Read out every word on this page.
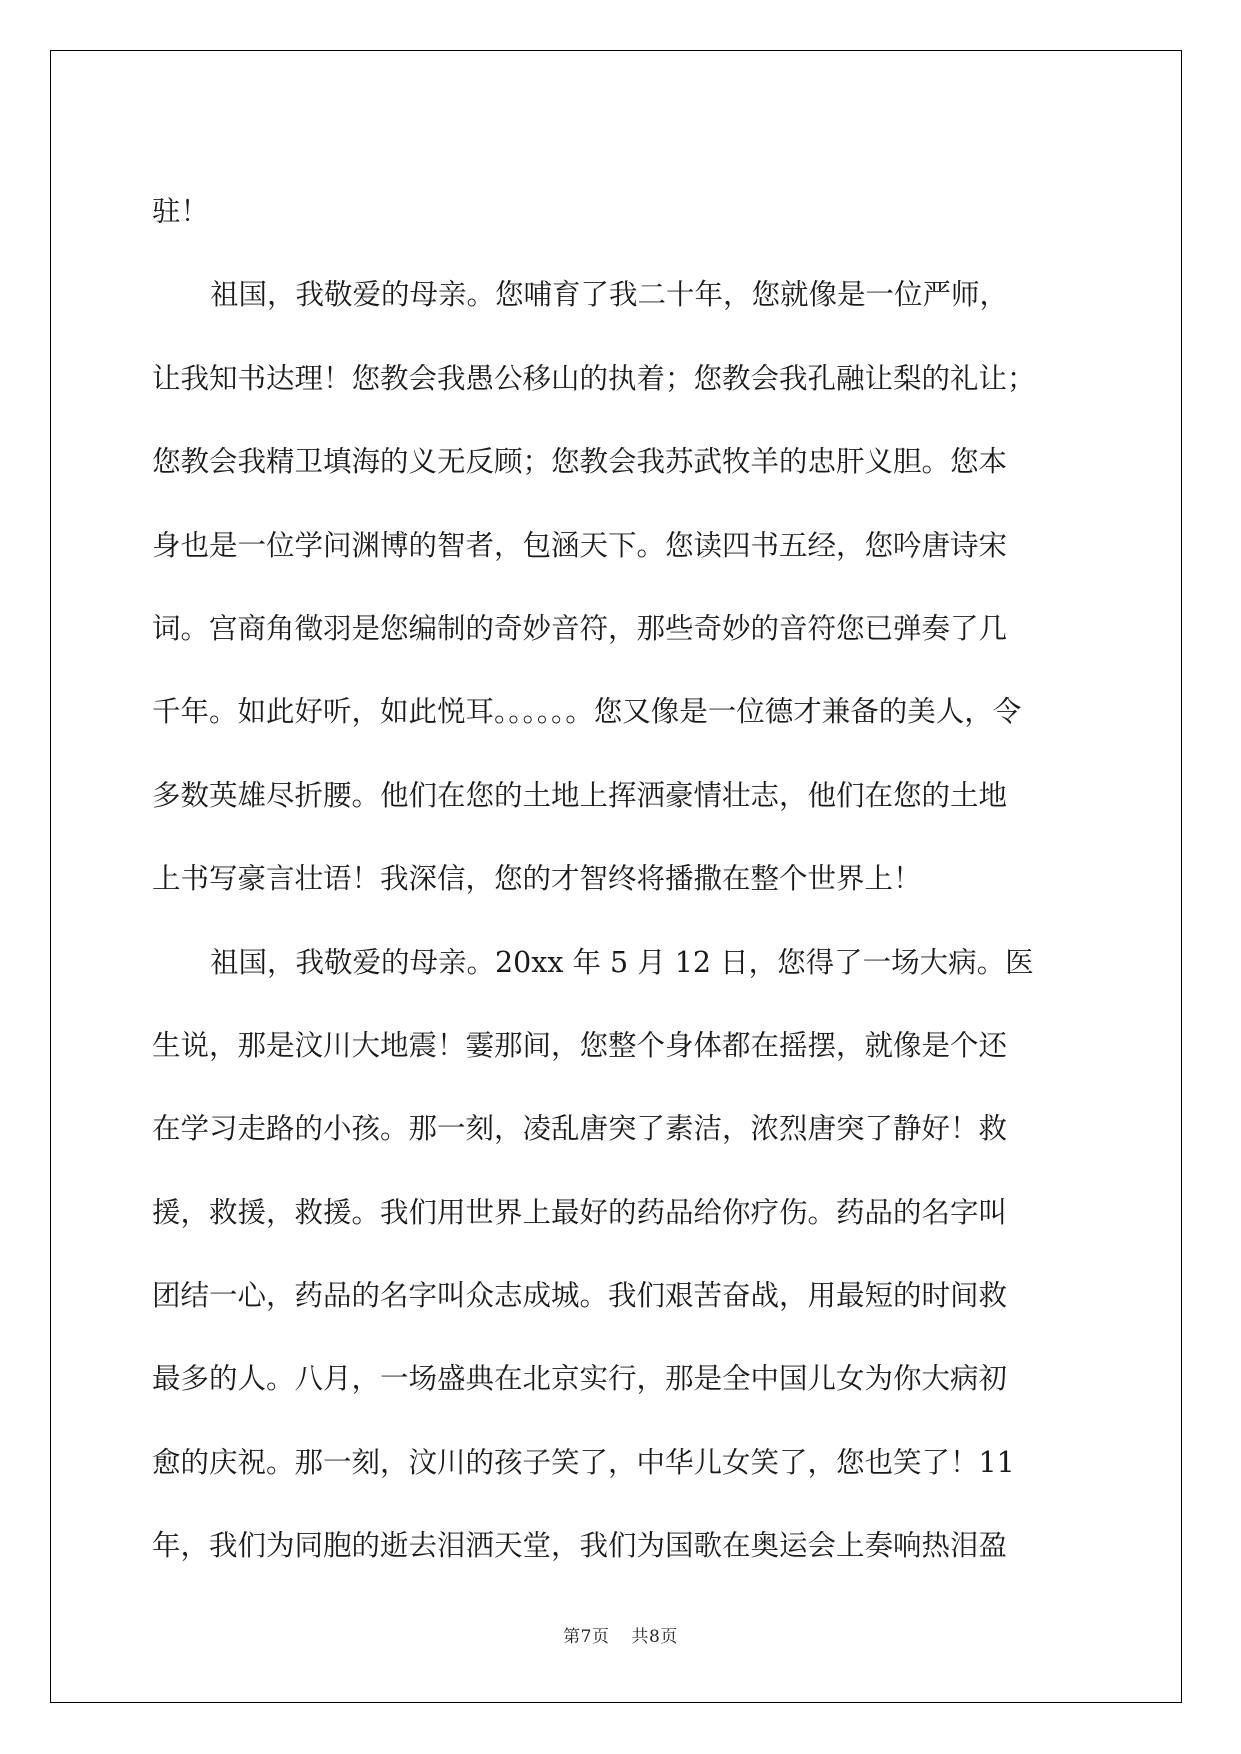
驻！
祖国，我敬爱的母亲。您哺育了我二十年，您就像是一位严师，
让我知书达理！您教会我愚公移山的执着；您教会我孔融让梨的礼让；
您教会我精卫填海的义无反顾；您教会我苏武牧羊的忠肝义胆。您本
身也是一位学问渊博的智者，包涵天下。您读四书五经，您吟唐诗宋
词。宫商角徵羽是您编制的奇妙音符，那些奇妙的音符您已弹奏了几
千年。如此好听，如此悦耳。。。。。。您又像是一位德才兼备的美人，令
多数英雄尽折腰。他们在您的土地上挥洒豪情壮志，他们在您的土地
上书写豪言壮语！我深信，您的才智终将播撒在整个世界上！
祖国，我敬爱的母亲。20xx 年 5 月 12 日，您得了一场大病。医
生说，那是汶川大地震！霎那间，您整个身体都在摇摆，就像是个还
在学习走路的小孩。那一刻，凌乱唐突了素洁，浓烈唐突了静好！救
援，救援，救援。我们用世界上最好的药品给你疗伤。药品的名字叫
团结一心，药品的名字叫众志成城。我们艰苦奋战，用最短的时间救
最多的人。八月，一场盛典在北京实行，那是全中国儿女为你大病初
愈的庆祝。那一刻，汶川的孩子笑了，中华儿女笑了，您也笑了！11
年，我们为同胞的逝去泪洒天堂，我们为国歌在奥运会上奏响热泪盈
第7页 共8页
